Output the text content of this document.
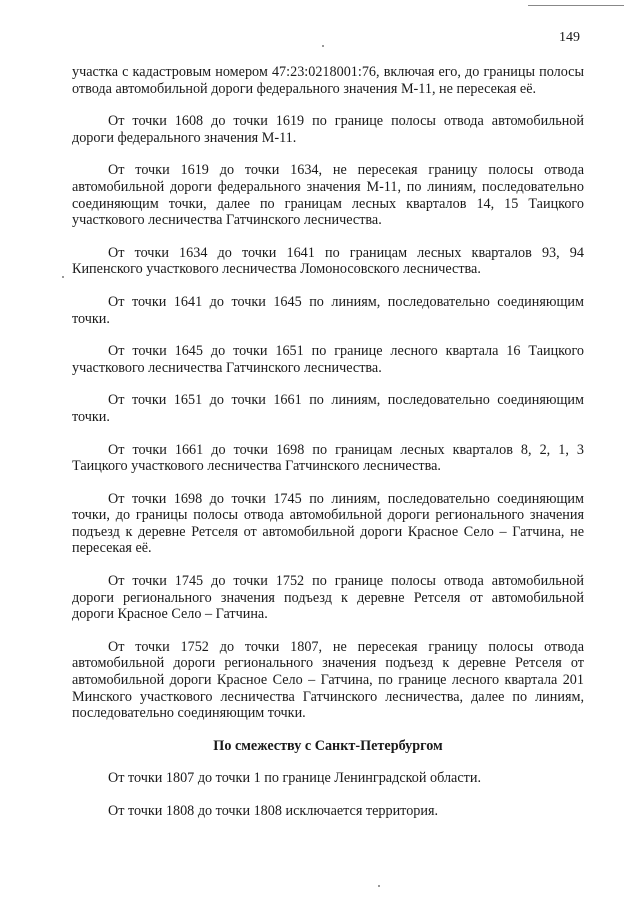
149

участка с кадастровым номером 47:23:0218001:76, включая его, до границы полосы отвода автомобильной дороги федерального значения М-11, не пересекая её.

От точки 1608 до точки 1619 по границе полосы отвода автомобильной дороги федерального значения М-11.

От точки 1619 до точки 1634, не пересекая границу полосы отвода автомобильной дороги федерального значения М-11, по линиям, последовательно соединяющим точки, далее по границам лесных кварталов 14, 15 Таицкого участкового лесничества Гатчинского лесничества.

От точки 1634 до точки 1641 по границам лесных кварталов 93, 94 Кипенского участкового лесничества Ломоносовского лесничества.

От точки 1641 до точки 1645 по линиям, последовательно соединяющим точки.

От точки 1645 до точки 1651 по границе лесного квартала 16 Таицкого участкового лесничества Гатчинского лесничества.

От точки 1651 до точки 1661 по линиям, последовательно соединяющим точки.

От точки 1661 до точки 1698 по границам лесных кварталов 8, 2, 1, 3 Таицкого участкового лесничества Гатчинского лесничества.

От точки 1698 до точки 1745 по линиям, последовательно соединяющим точки, до границы полосы отвода автомобильной дороги регионального значения подъезд к деревне Ретселя от автомобильной дороги Красное Село – Гатчина, не пересекая её.

От точки 1745 до точки 1752 по границе полосы отвода автомобильной дороги регионального значения подъезд к деревне Ретселя от автомобильной дороги Красное Село – Гатчина.

От точки 1752 до точки 1807, не пересекая границу полосы отвода автомобильной дороги регионального значения подъезд к деревне Ретселя от автомобильной дороги Красное Село – Гатчина, по границе лесного квартала 201 Минского участкового лесничества Гатчинского лесничества, далее по линиям, последовательно соединяющим точки.

По смежеству с Санкт-Петербургом

От точки 1807 до точки 1 по границе Ленинградской области.

От точки 1808 до точки 1808 исключается территория.
